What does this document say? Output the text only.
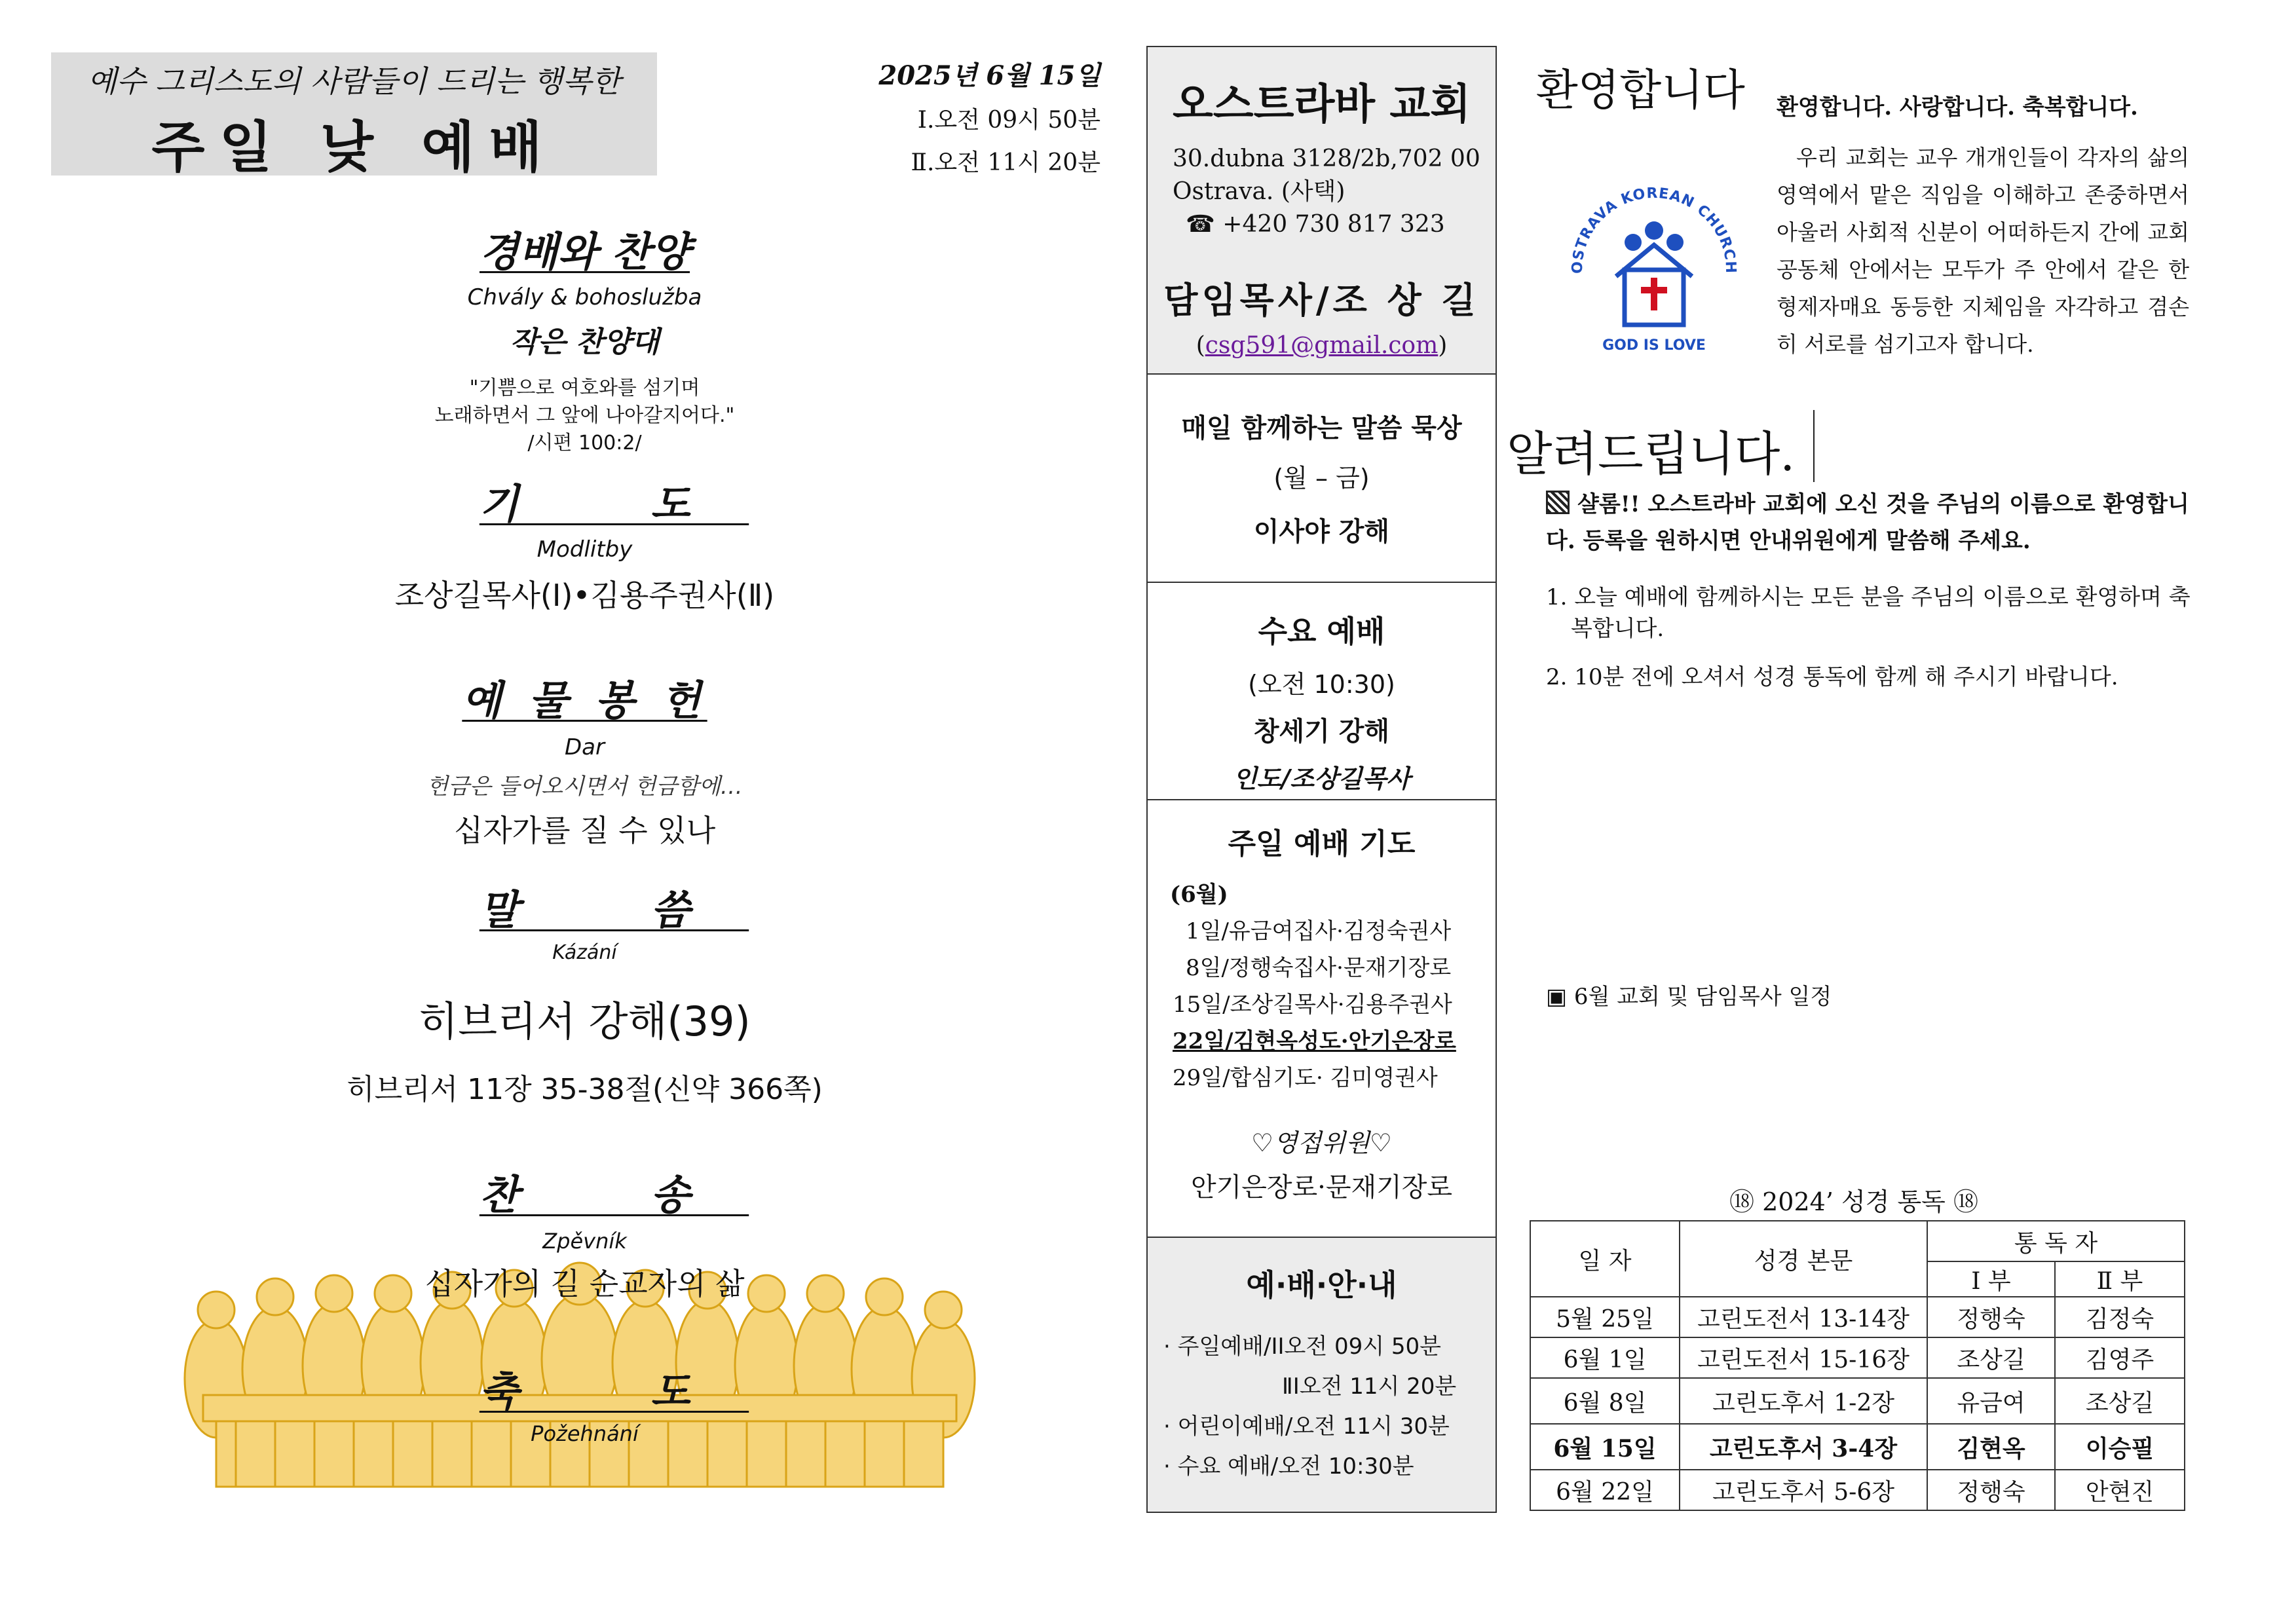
예수 그리스도의 사람들이 드리는 행복한
주일 낮 예배
2025년 6월 15일
Ⅰ.오전 09시 50분
Ⅱ.오전 11시 20분
경배와 찬양
Chvály & bohoslužba
작은 찬양대
"기쁨으로 여호와를 섬기며
노래하면서 그 앞에 나아갈지어다."
/시편 100:2/
기 도
Modlitby
조상길목사(Ⅰ)•김용주권사(Ⅱ)
예 물 봉 헌
Dar
헌금은 들어오시면서 헌금함에…
십자가를 질 수 있나
말 씀
Kázání
히브리서 강해(39)
히브리서 11장 35-38절(신약 366쪽)
찬 송
Zpěvník
십자가의 길 순교자의 삶
축 도
Požehnání
오스트라바 교회
30.dubna 3128/2b,702 00
Ostrava. (사택)
☎ +420 730 817 323
담임목사/조 상 길
(csg591@gmail.com)
매일 함께하는 말씀 묵상
(월 – 금)
이사야 강해
수요 예배
(오전 10:30)
창세기 강해
인도/조상길목사
주일 예배 기도
(6월)
1일/유금여집사·김정숙권사
8일/정행숙집사·문재기장로
15일/조상길목사·김용주권사
22일/김현옥성도·안기은장로
29일/합심기도· 김미영권사
♡영접위원♡
안기은장로·문재기장로
예·배·안·내
· 주일예배/ⅠⅠ오전 09시 50분
ⅡⅠ오전 11시 20분
· 어린이예배/오전 11시 30분
· 수요 예배/오전 10:30분
환영합니다 환영합니다. 사랑합니다. 축복합니다.
OSTRAVA KOREAN CHURCH
GOD IS LOVE
우리 교회는 교우 개개인들이 각자의 삶의 영역에서 맡은 직임을 이해하고 존중하면서 아울러 사회적 신분이 어떠하든지 간에 교회 공동체 안에서는 모두가 주 안에서 같은 한 형제자매요 동등한 지체임을 자각하고 겸손히 서로를 섬기고자 합니다.
알려드립니다.
샬롬!! 오스트라바 교회에 오신 것을 주님의 이름으로 환영합니다. 등록을 원하시면 안내위원에게 말씀해 주세요.
1. 오늘 예배에 함께하시는 모든 분을 주님의 이름으로 환영하며 축복합니다.
2. 10분 전에 오셔서 성경 통독에 함께 해 주시기 바랍니다.
▣ 6월 교회 및 담임목사 일정
⑱ 2024’ 성경 통독 ⑱
일 자	성경 본문	통 독 자	
		Ⅰ 부	Ⅱ 부
5월 25일	고린도전서 13-14장	정행숙	김정숙
6월 1일	고린도전서 15-16장	조상길	김영주
6월 8일	고린도후서 1-2장	유금여	조상길
6월 15일	고린도후서 3-4장	김현옥	이승필
6월 22일	고린도후서 5-6장	정행숙	안현진
